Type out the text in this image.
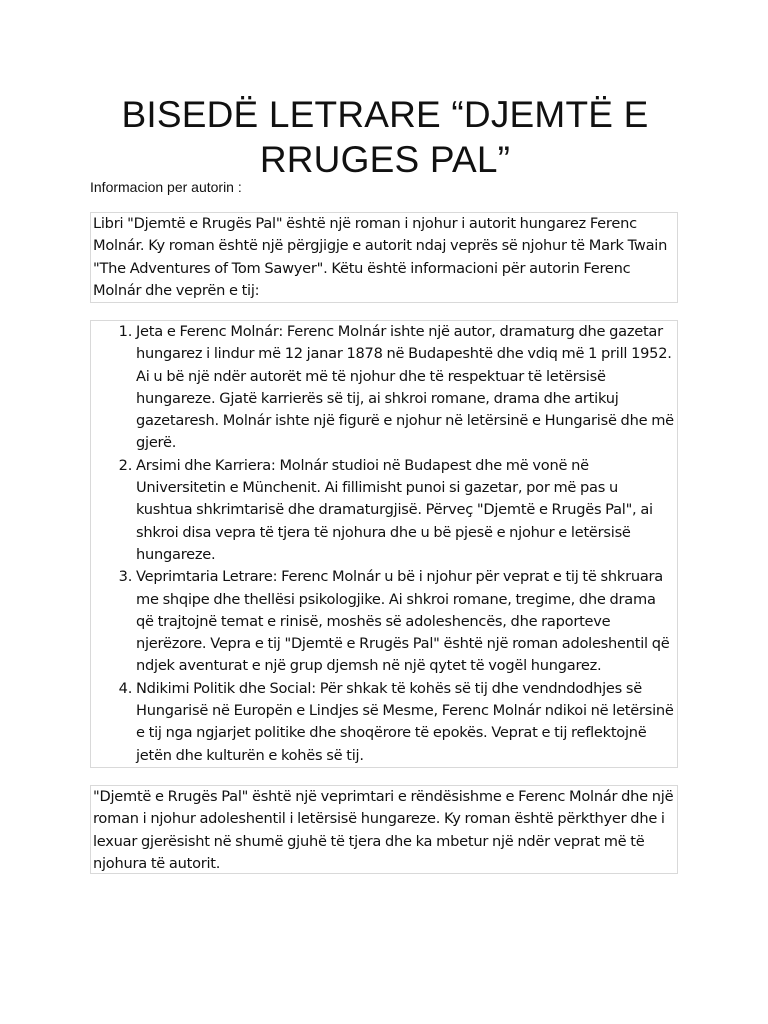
BISEDË LETRARE “DJEMTË E RRUGES PAL”
Informacion per autorin :

Libri "Djemtë e Rrugës Pal" është një roman i njohur i autorit hungarez Ferenc Molnár. Ky roman është një përgjigje e autorit ndaj veprës së njohur të Mark Twain "The Adventures of Tom Sawyer". Këtu është informacioni për autorin Ferenc Molnár dhe veprën e tij:

1. Jeta e Ferenc Molnár: Ferenc Molnár ishte një autor, dramaturg dhe gazetar hungarez i lindur më 12 janar 1878 në Budapeshtë dhe vdiq më 1 prill 1952. Ai u bë një ndër autorët më të njohur dhe të respektuar të letërsisë hungareze. Gjatë karrierës së tij, ai shkroi romane, drama dhe artikuj gazetaresh. Molnár ishte një figurë e njohur në letërsinë e Hungarisë dhe më gjerë.
2. Arsimi dhe Karriera: Molnár studioi në Budapest dhe më vonë në Universitetin e Münchenit. Ai fillimisht punoi si gazetar, por më pas u kushtua shkrimtarisë dhe dramaturgjisë. Përveç "Djemtë e Rrugës Pal", ai shkroi disa vepra të tjera të njohura dhe u bë pjesë e njohur e letërsisë hungareze.
3. Veprimtaria Letrare: Ferenc Molnár u bë i njohur për veprat e tij të shkruara me shqipe dhe thellësi psikologjike. Ai shkroi romane, tregime, dhe drama që trajtojnë temat e rinisë, moshës së adoleshencës, dhe raporteve njerëzore. Vepra e tij "Djemtë e Rrugës Pal" është një roman adoleshentil që ndjek aventurat e një grup djemsh në një qytet të vogël hungarez.
4. Ndikimi Politik dhe Social: Për shkak të kohës së tij dhe vendndodhjes së Hungarisë në Europën e Lindjes së Mesme, Ferenc Molnár ndikoi në letërsinë e tij nga ngjarjet politike dhe shoqërore të epokës. Veprat e tij reflektojnë jetën dhe kulturën e kohës së tij.

"Djemtë e Rrugës Pal" është një veprimtari e rëndësishme e Ferenc Molnár dhe një roman i njohur adoleshentil i letërsisë hungareze. Ky roman është përkthyer dhe i lexuar gjerësisht në shumë gjuhë të tjera dhe ka mbetur një ndër veprat më të njohura të autorit.
